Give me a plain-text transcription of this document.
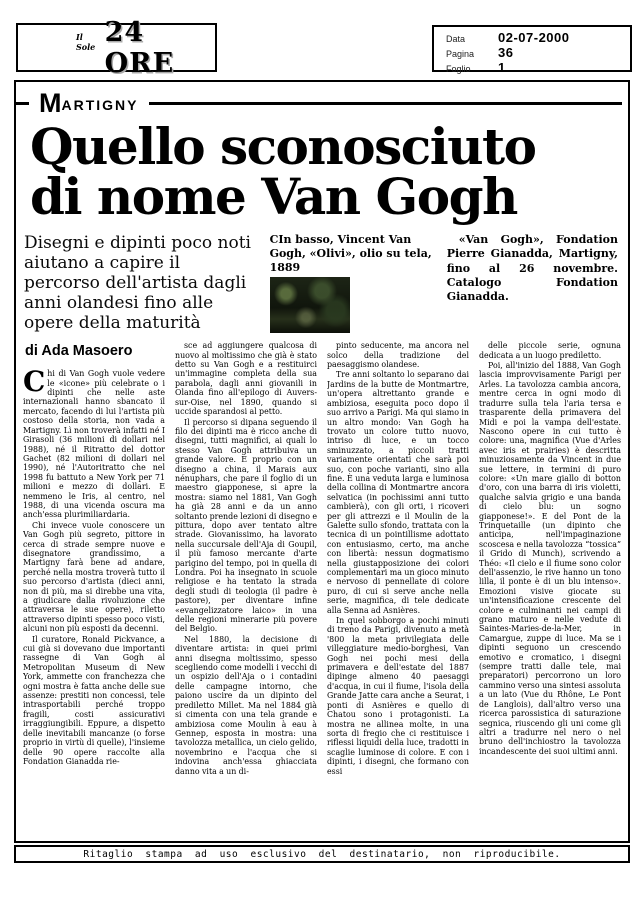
Il Sole 24 ORE
Data	02-07-2000
Pagina	36
Foglio	1
M ARTIGNY
Quello sconosciuto
di nome Van Gogh
Disegni e dipinti poco noti aiutano a capire il percorso dell'artista dagli anni olandesi fino alle opere della maturità
CIn basso, Vincent Van Gogh, «Olivi», olio su tela, 1889
«Van Gogh», Fondation Pierre Gianadda, Martigny, fino al 26 novembre. Catalogo Fondation Gianadda.
di Ada Masoero

Chi di Van Gogh vuole vedere le «icone» più celebrate o i dipinti che nelle aste internazionali hanno sbancato il mercato, facendo di lui l'artista più costoso della storia, non vada a Martigny. Lì non troverà infatti né I Girasoli (36 milioni di dollari nel 1988), né il Ritratto del dottor Gachet (82 milioni di dollari nel 1990), né l'Autoritratto che nel 1998 fu battuto a New York per 71 milioni e mezzo di dollari. E nemmeno le Iris, al centro, nel 1988, di una vicenda oscura ma anch'essa plurimiliardaria.

Chi invece vuole conoscere un Van Gogh più segreto, pittore in cerca di strade sempre nuove e disegnatore grandissimo, a Martigny farà bene ad andare, perché nella mostra troverà tutto il suo percorso d'artista (dieci anni, non di più, ma si direbbe una vita, a giudicare dalla rivoluzione che attraversa le sue opere), riletto attraverso dipinti spesso poco visti, alcuni non più esposti da decenni.

Il curatore, Ronald Pickvance, a cui già si dovevano due importanti rassegne di Van Gogh al Metropolitan Museum di New York, ammette con franchezza che ogni mostra è fatta anche delle sue assenze: prestiti non concessi, tele intrasportabili perché troppo fragili, costi assicurativi irraggiungibili. Eppure, a dispetto delle inevitabili mancanze (o forse proprio in virtù di quelle), l'insieme delle 90 opere raccolte alla Fondation Gianadda rie-

sce ad aggiungere qualcosa di nuovo al moltissimo che già è stato detto su Van Gogh e a restituirci un'immagine completa della sua parabola, dagli anni giovanili in Olanda fino all'epilogo di Auvers-sur-Oise, nel 1890, quando si uccide sparandosi al petto.

Il percorso si dipana seguendo il filo dei dipinti ma è ricco anche di disegni, tutti magnifici, ai quali lo stesso Van Gogh attribuiva un grande valore. E proprio con un disegno a china, il Marais aux nénuphars, che pare il foglio di un maestro giapponese, si apre la mostra: siamo nel 1881, Van Gogh ha già 28 anni e da un anno soltanto prende lezioni di disegno e pittura, dopo aver tentato altre strade. Giovanissimo, ha lavorato nella succursale dell'Aja di Goupil, il più famoso mercante d'arte parigino del tempo, poi in quella di Londra. Poi ha insegnato in scuole religiose e ha tentato la strada degli studi di teologia (il padre è pastore), per diventare infine «evangelizzatore laico» in una delle regioni minerarie più povere del Belgio.

Nel 1880, la decisione di diventare artista: in quei primi anni disegna moltissimo, spesso scegliendo come modelli i vecchi di un ospizio dell'Aja o i contadini delle campagne intorno, che paiono uscire da un dipinto del prediletto Millet. Ma nel 1884 già si cimenta con una tela grande e ambiziosa come Moulin à eau à Gennep, esposta in mostra: una tavolozza metallica, un cielo gelido, novembrino e l'acqua che si indovina anch'essa ghiacciata danno vita a un di-

pinto seducente, ma ancora nel solco della tradizione del paesaggismo olandese.

Tre anni soltanto lo separano dai Jardins de la butte de Montmartre, un'opera altrettanto grande e ambiziosa, eseguita poco dopo il suo arrivo a Parigi. Ma qui siamo in un altro mondo: Van Gogh ha trovato un colore tutto nuovo, intriso di luce, e un tocco sminuzzato, a piccoli tratti variamente orientati che sarà poi suo, con poche varianti, sino alla fine. È una veduta larga e luminosa della collina di Montmartre ancora selvatica (in pochissimi anni tutto cambierà), con gli orti, i ricoveri per gli attrezzi e il Moulin de la Galette sullo sfondo, trattata con la tecnica di un pointillisme adottato con entusiasmo, certo, ma anche con libertà: nessun dogmatismo nella giustapposizione dei colori complementari ma un gioco minuto e nervoso di pennellate di colore puro, di cui si serve anche nella serie, magnifica, di tele dedicate alla Senna ad Asnières.

In quel sobborgo a pochi minuti di treno da Parigi, divenuto a metà '800 la meta privilegiata delle villeggiature medio-borghesi, Van Gogh nei pochi mesi della primavera e dell'estate del 1887 dipinge almeno 40 paesaggi d'acqua, in cui il fiume, l'isola della Grande Jatte cara anche a Seurat, i ponti di Asnières e quello di Chatou sono i protagonisti. La mostra ne allinea molte, in una sorta di fregio che ci restituisce i riflessi liquidi della luce, tradotti in scaglie luminose di colore. E con i dipinti, i disegni, che formano con essi

delle piccole serie, ognuna dedicata a un luogo prediletto.

Poi, all'inizio del 1888, Van Gogh lascia improvvisamente Parigi per Arles. La tavolozza cambia ancora, mentre cerca in ogni modo di tradurre sulla tela l'aria tersa e trasparente della primavera del Midi e poi la vampa dell'estate. Nascono opere in cui tutto è colore: una, magnifica (Vue d'Arles avec iris et prairies) è descritta minuziosamente da Vincent in due sue lettere, in termini di puro colore: «Un mare giallo di botton d'oro, con una barra di iris violetti, qualche salvia grigio e una banda di cielo blu: un sogno giapponese!». E del Pont de la Trinquetaille (un dipinto che anticipa, nell'impaginazione scoscesa e nella tavolozza “tossica” il Grido di Munch), scrivendo a Théo: «Il cielo e il fiume sono color dell'assenzio, le rive hanno un tono lilla, il ponte è di un blu intenso». Emozioni visive giocate su un'intensificazione crescente del colore e culminanti nei campi di grano maturo e nelle vedute di Saintes-Maries-de-la-Mer, in Camargue, zuppe di luce. Ma se i dipinti seguono un crescendo emotivo e cromatico, i disegni (sempre tratti dalle tele, mai preparatori) percorrono un loro cammino verso una sintesi assoluta a un lato (Vue du Rhône, Le Pont de Langlois), dall'altro verso una ricerca parossistica di saturazione segnica, riuscendo gli uni come gli altri a tradurre nel nero o nel bruno dell'inchiostro la tavolozza incandescente dei suoi ultimi anni.

Ritaglio stampa ad uso esclusivo del destinatario, non riproducibile.
